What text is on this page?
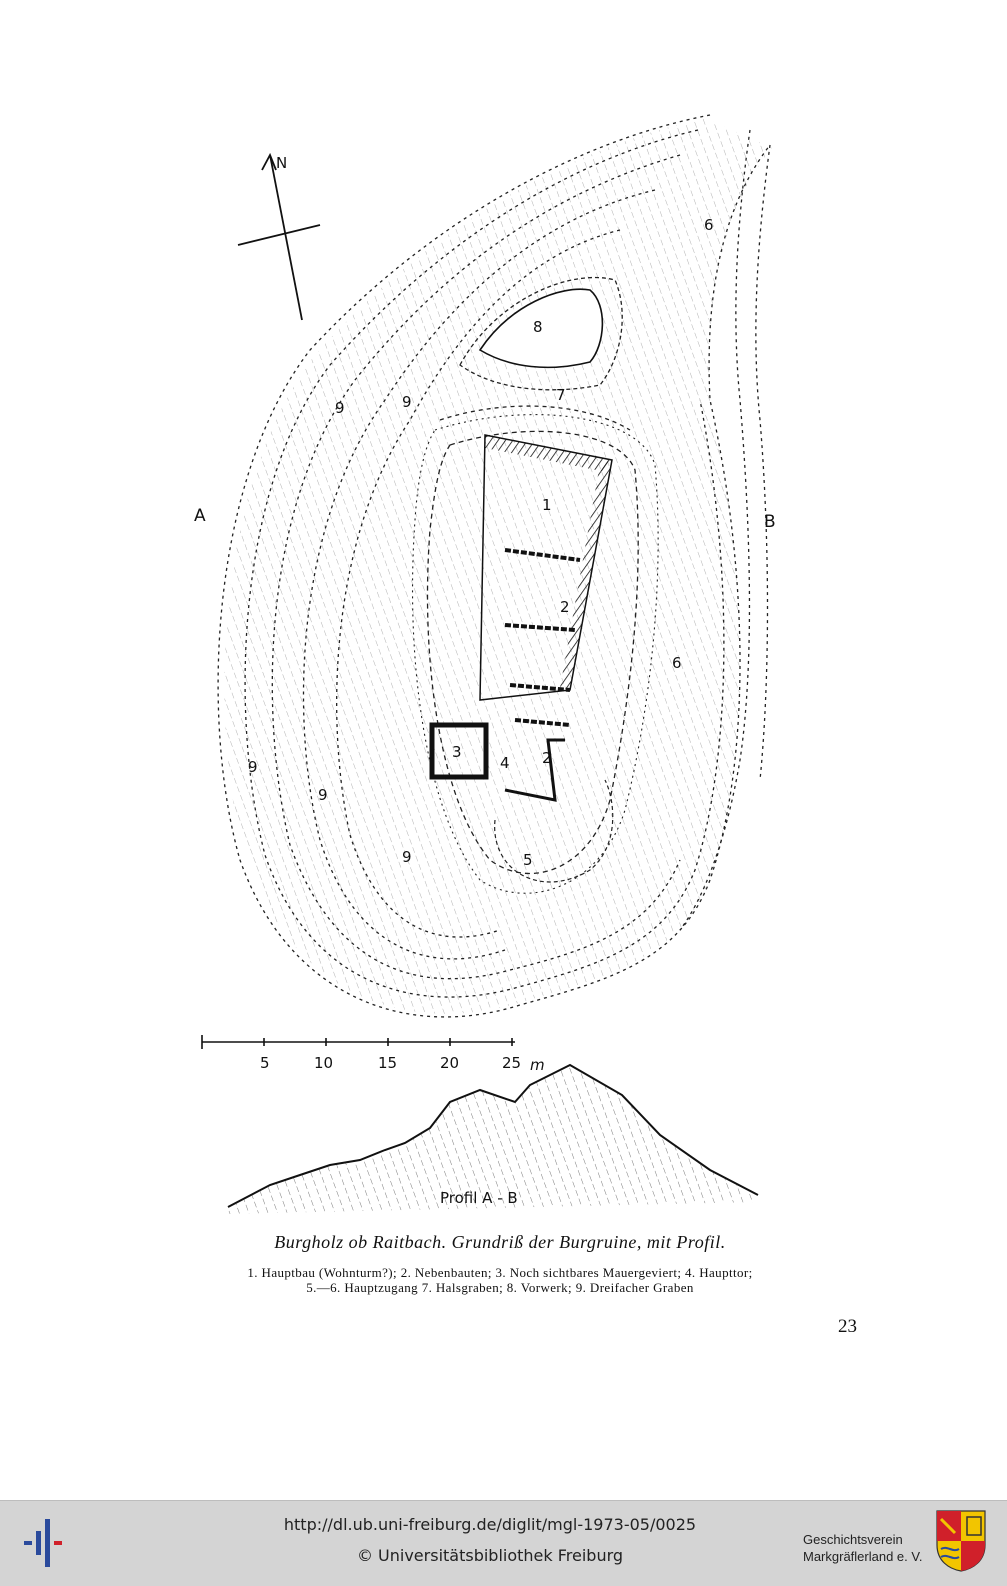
N
1
2
2
3
4
5
6
6
7
8
9	9
9
9
9
5	10	15	20	25 m
Profil A - B
A	B
Burgholz ob Raitbach. Grundriß der Burgruine, mit Profil.
1. Hauptbau (Wohnturm?); 2. Nebenbauten; 3. Noch sichtbares Mauergeviert; 4. Haupttor;
5.—6. Hauptzugang 7. Halsgraben; 8. Vorwerk; 9. Dreifacher Graben
23
http://dl.ub.uni-freiburg.de/diglit/mgl-1973-05/0025
© Universitätsbibliothek Freiburg
Geschichtsverein
Markgräflerland e. V.
